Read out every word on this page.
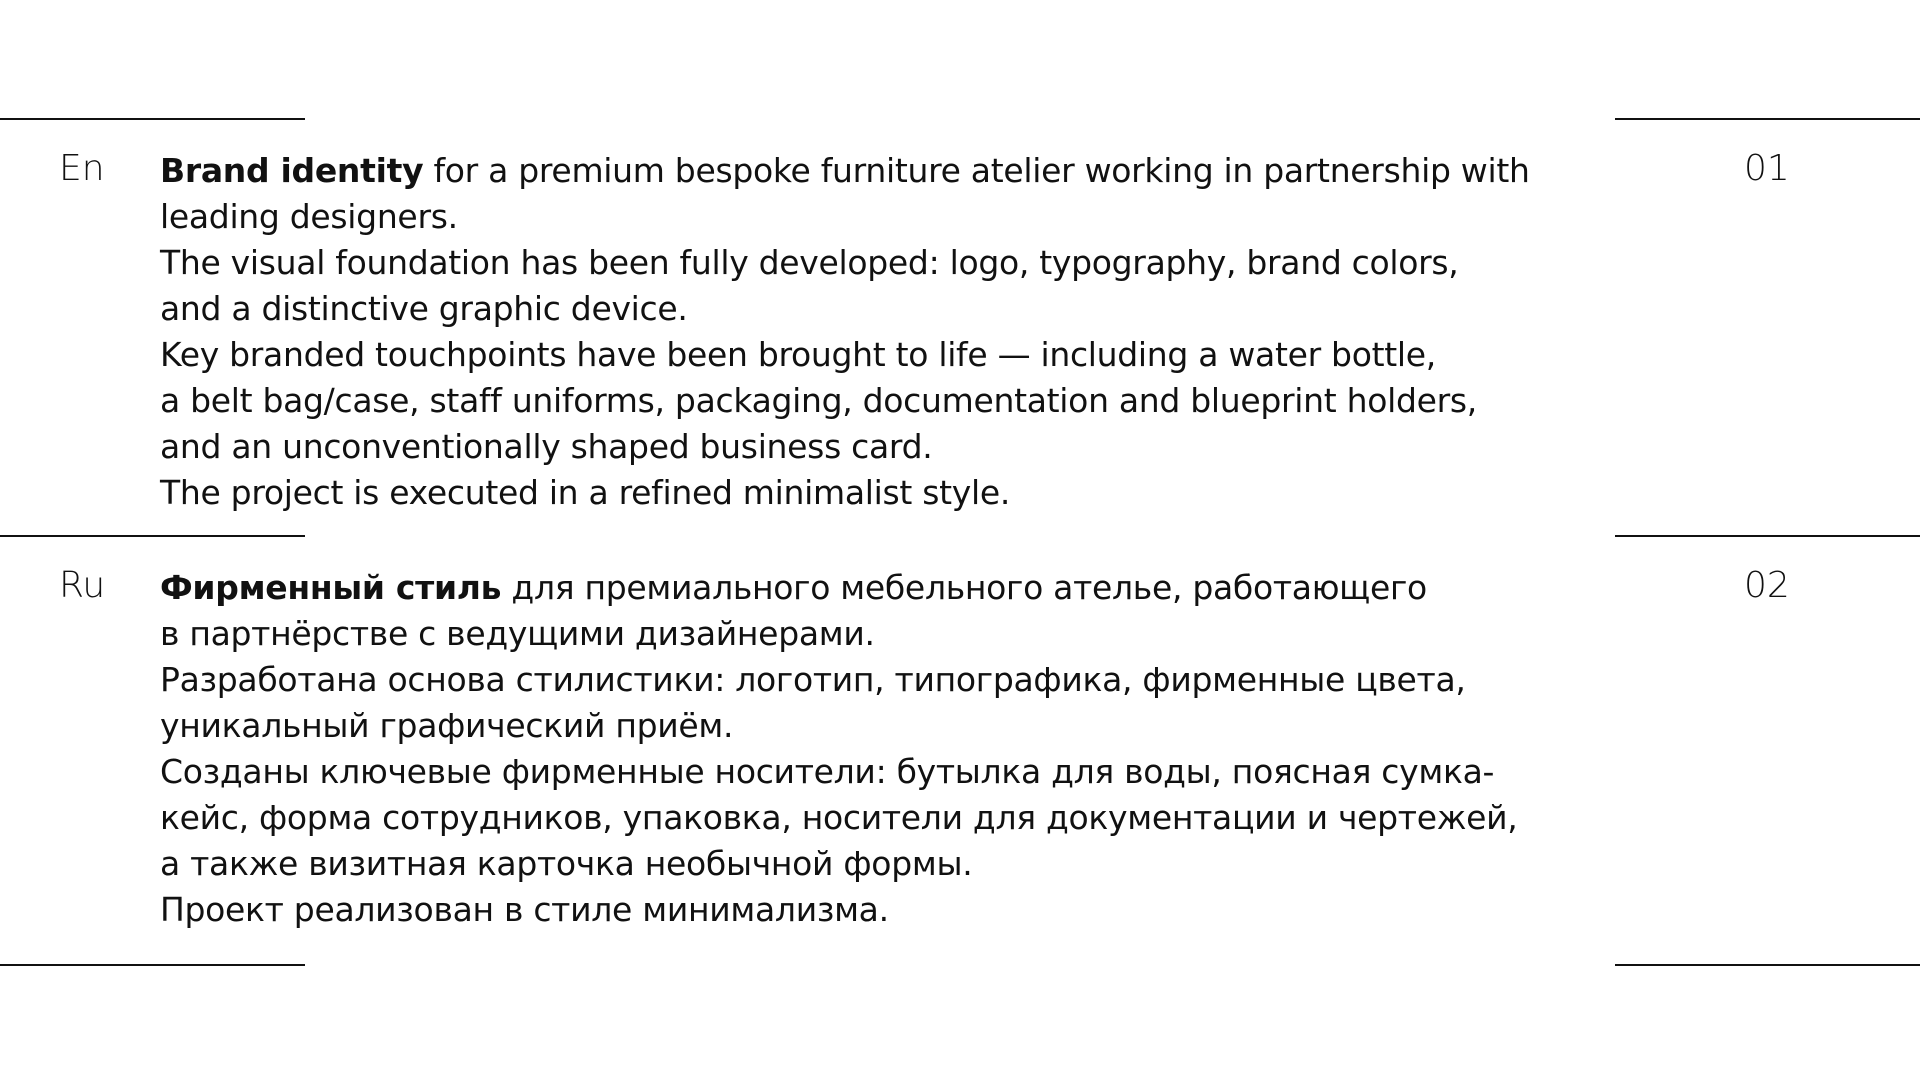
En	01
Brand identity for a premium bespoke furniture atelier working in partnership with
leading designers.
The visual foundation has been fully developed: logo, typography, brand colors,
and a distinctive graphic device.
Key branded touchpoints have been brought to life — including a water bottle,
a belt bag/case, staff uniforms, packaging, documentation and blueprint holders,
and an unconventionally shaped business card.
The project is executed in a refined minimalist style.
Ru	02
Фирменный стиль для премиального мебельного ателье, работающего
в партнёрстве с ведущими дизайнерами.
Разработана основа стилистики: логотип, типографика, фирменные цвета,
уникальный графический приём.
Созданы ключевые фирменные носители: бутылка для воды, поясная сумка-
кейс, форма сотрудников, упаковка, носители для документации и чертежей,
а также визитная карточка необычной формы.
Проект реализован в стиле минимализма.
